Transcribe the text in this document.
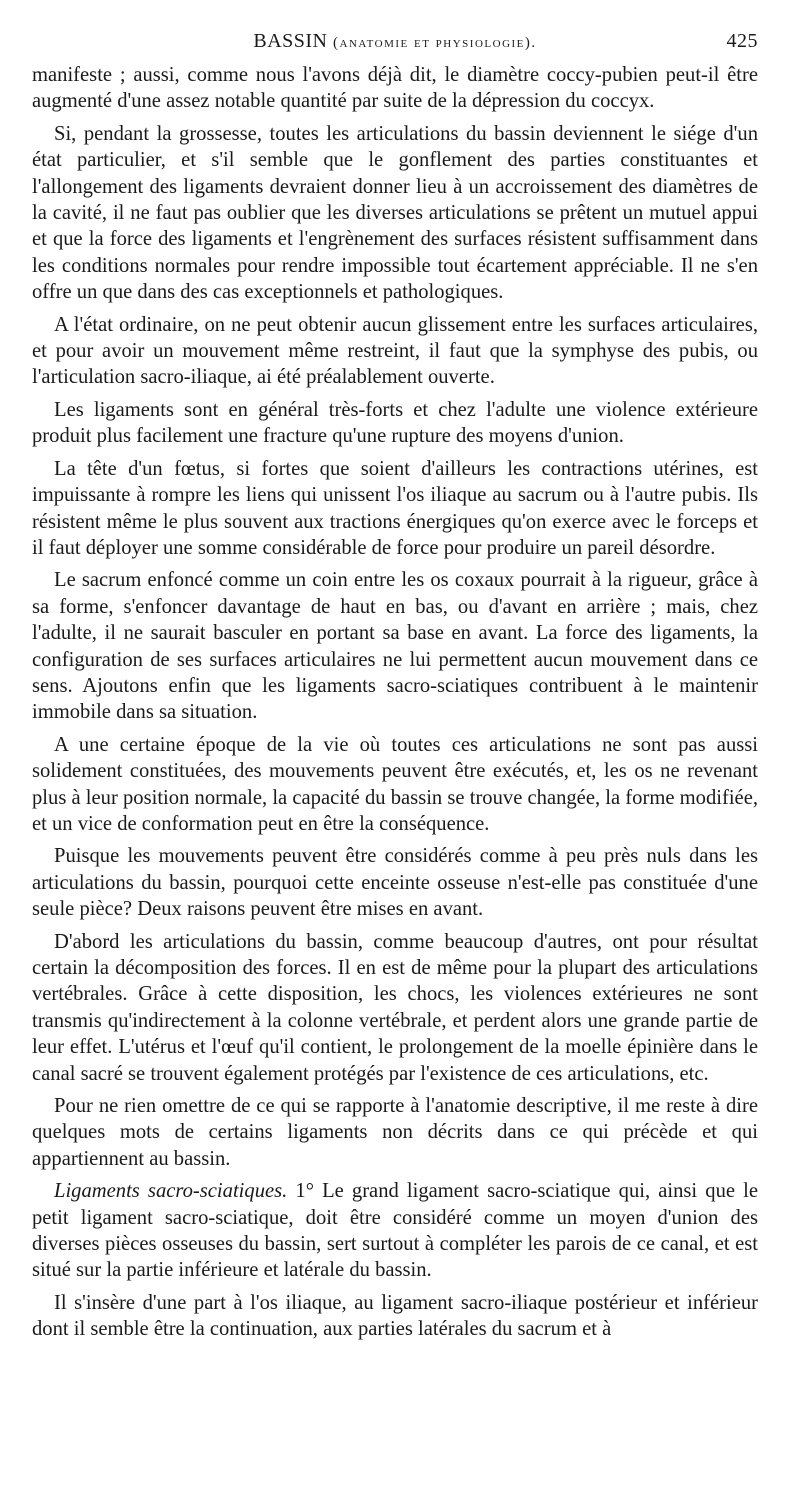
BASSIN (anatomie et physiologie).	425

manifeste ; aussi, comme nous l'avons déjà dit, le diamètre coccy-pubien peut-il être augmenté d'une assez notable quantité par suite de la dépression du coccyx.

Si, pendant la grossesse, toutes les articulations du bassin deviennent le siége d'un état particulier, et s'il semble que le gonflement des parties constituantes et l'allongement des ligaments devraient donner lieu à un accroissement des diamètres de la cavité, il ne faut pas oublier que les diverses articulations se prêtent un mutuel appui et que la force des ligaments et l'engrènement des surfaces résistent suffisamment dans les conditions normales pour rendre impossible tout écartement appréciable. Il ne s'en offre un que dans des cas exceptionnels et pathologiques.

A l'état ordinaire, on ne peut obtenir aucun glissement entre les surfaces articulaires, et pour avoir un mouvement même restreint, il faut que la symphyse des pubis, ou l'articulation sacro-iliaque, ai été préalablement ouverte.

Les ligaments sont en général très-forts et chez l'adulte une violence extérieure produit plus facilement une fracture qu'une rupture des moyens d'union.

La tête d'un fœtus, si fortes que soient d'ailleurs les contractions utérines, est impuissante à rompre les liens qui unissent l'os iliaque au sacrum ou à l'autre pubis. Ils résistent même le plus souvent aux tractions énergiques qu'on exerce avec le forceps et il faut déployer une somme considérable de force pour produire un pareil désordre.

Le sacrum enfoncé comme un coin entre les os coxaux pourrait à la rigueur, grâce à sa forme, s'enfoncer davantage de haut en bas, ou d'avant en arrière ; mais, chez l'adulte, il ne saurait basculer en portant sa base en avant. La force des ligaments, la configuration de ses surfaces articulaires ne lui permettent aucun mouvement dans ce sens. Ajoutons enfin que les ligaments sacro-sciatiques contribuent à le maintenir immobile dans sa situation.

A une certaine époque de la vie où toutes ces articulations ne sont pas aussi solidement constituées, des mouvements peuvent être exécutés, et, les os ne revenant plus à leur position normale, la capacité du bassin se trouve changée, la forme modifiée, et un vice de conformation peut en être la conséquence.

Puisque les mouvements peuvent être considérés comme à peu près nuls dans les articulations du bassin, pourquoi cette enceinte osseuse n'est-elle pas constituée d'une seule pièce? Deux raisons peuvent être mises en avant.

D'abord les articulations du bassin, comme beaucoup d'autres, ont pour résultat certain la décomposition des forces. Il en est de même pour la plupart des articulations vertébrales. Grâce à cette disposition, les chocs, les violences extérieures ne sont transmis qu'indirectement à la colonne vertébrale, et perdent alors une grande partie de leur effet. L'utérus et l'œuf qu'il contient, le prolongement de la moelle épinière dans le canal sacré se trouvent également protégés par l'existence de ces articulations, etc.

Pour ne rien omettre de ce qui se rapporte à l'anatomie descriptive, il me reste à dire quelques mots de certains ligaments non décrits dans ce qui précède et qui appartiennent au bassin.

Ligaments sacro-sciatiques. 1° Le grand ligament sacro-sciatique qui, ainsi que le petit ligament sacro-sciatique, doit être considéré comme un moyen d'union des diverses pièces osseuses du bassin, sert surtout à compléter les parois de ce canal, et est situé sur la partie inférieure et latérale du bassin.

Il s'insère d'une part à l'os iliaque, au ligament sacro-iliaque postérieur et inférieur dont il semble être la continuation, aux parties latérales du sacrum et à
